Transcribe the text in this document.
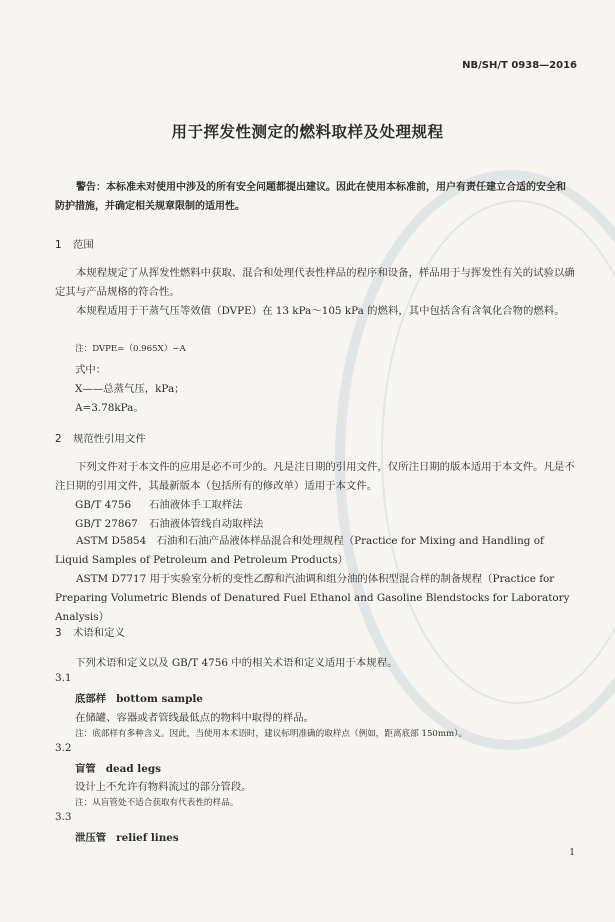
NB/SH/T 0938—2016
用于挥发性测定的燃料取样及处理规程
警告：本标准未对使用中涉及的所有安全问题都提出建议。因此在使用本标准前，用户有责任建立合适的安全和防护措施，并确定相关规章限制的适用性。
1 范围
本规程规定了从挥发性燃料中获取、混合和处理代表性样品的程序和设备，样品用于与挥发性有关的试验以确定其与产品规格的符合性。
本规程适用于干蒸气压等效值（DVPE）在 13 kPa～105 kPa 的燃料，其中包括含有含氧化合物的燃料。
注：DVPE=（0.965X）−A
式中：
X——总蒸气压，kPa；
A=3.78kPa。
2 规范性引用文件
下列文件对于本文件的应用是必不可少的。凡是注日期的引用文件，仅所注日期的版本适用于本文件。凡是不注日期的引用文件，其最新版本（包括所有的修改单）适用于本文件。
GB/T 4756 石油液体手工取样法
GB/T 27867 石油液体管线自动取样法
ASTM D5854　石油和石油产品液体样品混合和处理规程（Practice for Mixing and Handling of Liquid Samples of Petroleum and Petroleum Products）
ASTM D7717 用于实验室分析的变性乙醇和汽油调和组分油的体积型混合样的制备规程（Practice for Preparing Volumetric Blends of Denatured Fuel Ethanol and Gasoline Blendstocks for Laboratory Analysis）
3 术语和定义
下列术语和定义以及 GB/T 4756 中的相关术语和定义适用于本规程。
3.1
底部样 bottom sample
在储罐、容器或者管线最低点的物料中取得的样品。
注：底部样有多种含义。因此，当使用本术语时，建议标明准确的取样点（例如，距离底部 150mm）。
3.2
盲管 dead legs
设计上不允许有物料流过的部分管段。
注：从盲管处不适合获取有代表性的样品。
3.3
泄压管 relief lines
1
